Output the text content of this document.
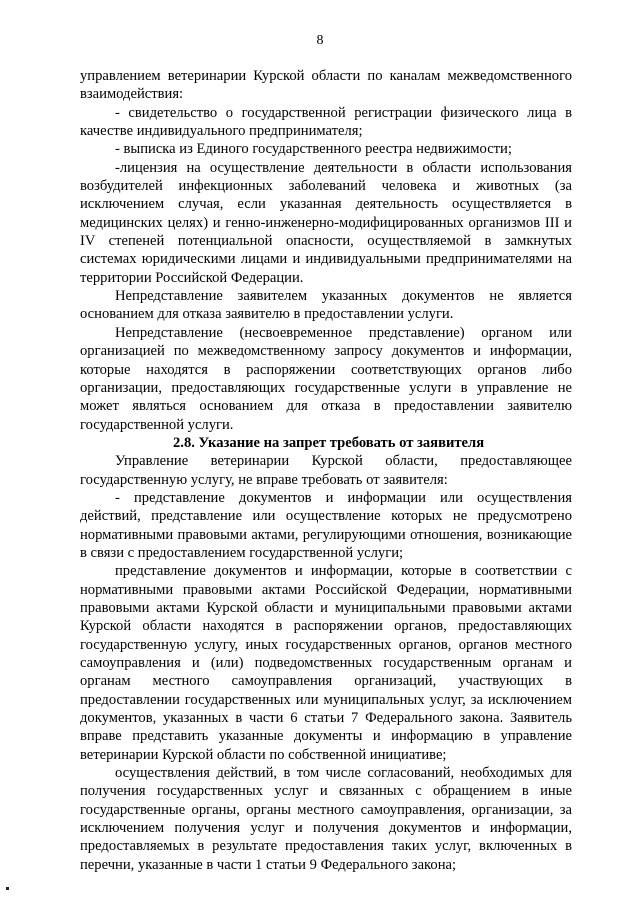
8

управлением ветеринарии Курской области по каналам межведомственного взаимодействия:

- свидетельство о государственной регистрации физического лица в качестве индивидуального предпринимателя;

- выписка из Единого государственного реестра недвижимости;

-лицензия на осуществление деятельности в области использования возбудителей инфекционных заболеваний человека и животных (за исключением случая, если указанная деятельность осуществляется в медицинских целях) и генно-инженерно-модифицированных организмов III и IV степеней потенциальной опасности, осуществляемой в замкнутых системах юридическими лицами и индивидуальными предпринимателями на территории Российской Федерации.

Непредставление заявителем указанных документов не является основанием для отказа заявителю в предоставлении услуги.

Непредставление (несвоевременное представление) органом или организацией по межведомственному запросу документов и информации, которые находятся в распоряжении соответствующих органов либо организации, предоставляющих государственные услуги в управление не может являться основанием для отказа в предоставлении заявителю государственной услуги.

2.8. Указание на запрет требовать от заявителя

Управление ветеринарии Курской области, предоставляющее государственную услугу, не вправе требовать от заявителя:

- представление документов и информации или осуществления действий, представление или осуществление которых не предусмотрено нормативными правовыми актами, регулирующими отношения, возникающие в связи с предоставлением государственной услуги;

представление документов и информации, которые в соответствии с нормативными правовыми актами Российской Федерации, нормативными правовыми актами Курской области и муниципальными правовыми актами Курской области находятся в распоряжении органов, предоставляющих государственную услугу, иных государственных органов, органов местного самоуправления и (или) подведомственных государственным органам и органам местного самоуправления организаций, участвующих в предоставлении государственных или муниципальных услуг, за исключением документов, указанных в части 6 статьи 7 Федерального закона. Заявитель вправе представить указанные документы и информацию в управление ветеринарии Курской области по собственной инициативе;

осуществления действий, в том числе согласований, необходимых для получения государственных услуг и связанных с обращением в иные государственные органы, органы местного самоуправления, организации, за исключением получения услуг и получения документов и информации, предоставляемых в результате предоставления таких услуг, включенных в перечни, указанные в части 1 статьи 9 Федерального закона;
